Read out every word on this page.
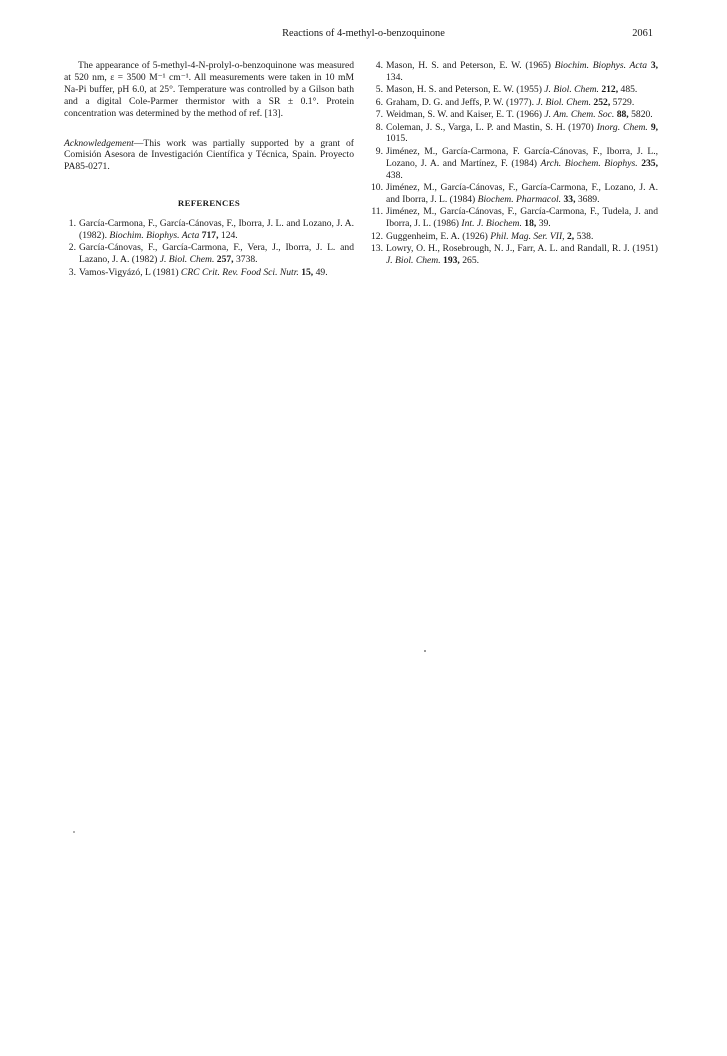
Reactions of 4-methyl-o-benzoquinone	2061

The appearance of 5-methyl-4-N-prolyl-o-benzoquinone was measured at 520 nm, ε = 3500 M⁻¹ cm⁻¹. All measurements were taken in 10 mM Na-Pi buffer, pH 6.0, at 25°. Temperature was controlled by a Gilson bath and a digital Cole-Parmer thermistor with a SR ± 0.1°. Protein concentration was determined by the method of ref. [13].

Acknowledgement—This work was partially supported by a grant of Comisión Asesora de Investigación Científica y Técnica, Spain. Proyecto PA85-0271.

REFERENCES
1. García-Carmona, F., García-Cánovas, F., Iborra, J. L. and Lozano, J. A. (1982). Biochim. Biophys. Acta 717, 124.
2. García-Cánovas, F., García-Carmona, F., Vera, J., Iborra, J. L. and Lazano, J. A. (1982) J. Biol. Chem. 257, 3738.
3. Vamos-Vigyázó, L (1981) CRC Crit. Rev. Food Sci. Nutr. 15, 49.
4. Mason, H. S. and Peterson, E. W. (1965) Biochim. Biophys. Acta 3, 134.
5. Mason, H. S. and Peterson, E. W. (1955) J. Biol. Chem. 212, 485.
6. Graham, D. G. and Jeffs, P. W. (1977). J. Biol. Chem. 252, 5729.
7. Weidman, S. W. and Kaiser, E. T. (1966) J. Am. Chem. Soc. 88, 5820.
8. Coleman, J. S., Varga, L. P. and Mastin, S. H. (1970) Inorg. Chem. 9, 1015.
9. Jiménez, M., García-Carmona, F. García-Cánovas, F., Iborra, J. L., Lozano, J. A. and Martínez, F. (1984) Arch. Biochem. Biophys. 235, 438.
10. Jiménez, M., García-Cánovas, F., García-Carmona, F., Lozano, J. A. and Iborra, J. L. (1984) Biochem. Pharmacol. 33, 3689.
11. Jiménez, M., García-Cánovas, F., García-Carmona, F., Tudela, J. and Iborra, J. L. (1986) Int. J. Biochem. 18, 39.
12. Guggenheim, E. A. (1926) Phil. Mag. Ser. VII, 2, 538.
13. Lowry, O. H., Rosebrough, N. J., Farr, A. L. and Randall, R. J. (1951) J. Biol. Chem. 193, 265.
